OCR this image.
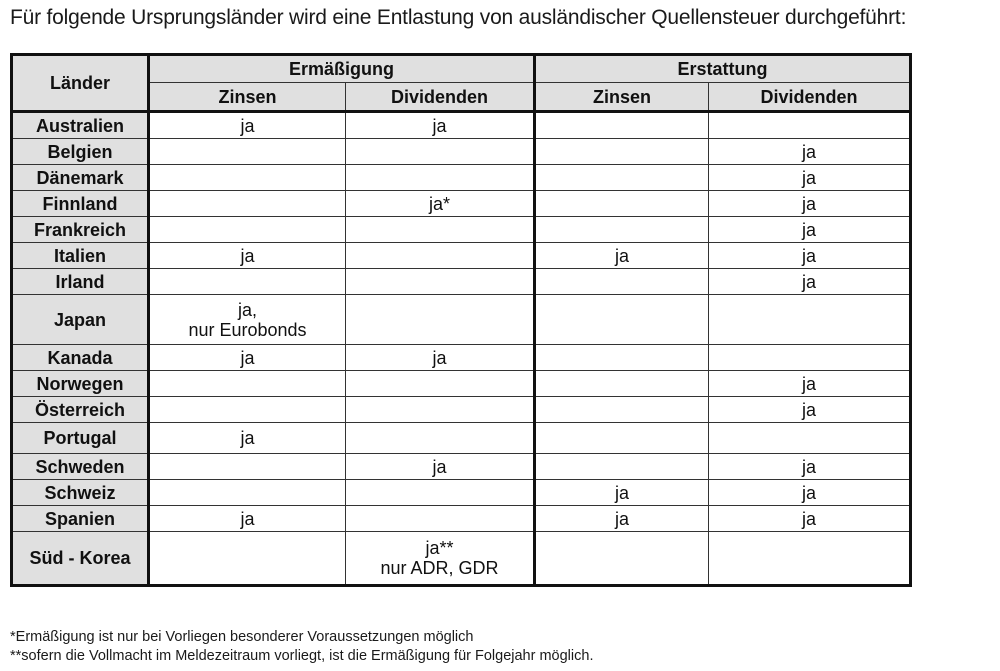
Für folgende Ursprungsländer wird eine Entlastung von ausländischer Quellensteuer durchgeführt:
Länder	Ermäßigung		Erstattung	
	Zinsen	Dividenden	Zinsen	Dividenden
Australien	ja	ja		
Belgien				ja
Dänemark				ja
Finnland		ja*		ja
Frankreich				ja
Italien	ja		ja	ja
Irland				ja
Japan	ja,
nur Eurobonds			

Kanada	ja	ja		
Norwegen				ja
Österreich				ja
Portugal	ja			
Schweden		ja		ja
Schweiz			ja	ja
Spanien	ja		ja	ja
Süd - Korea		ja**
nur ADR, GDR		

*Ermäßigung ist nur bei Vorliegen besonderer Voraussetzungen möglich
**sofern die Vollmacht im Meldezeitraum vorliegt, ist die Ermäßigung für Folgejahr möglich.
